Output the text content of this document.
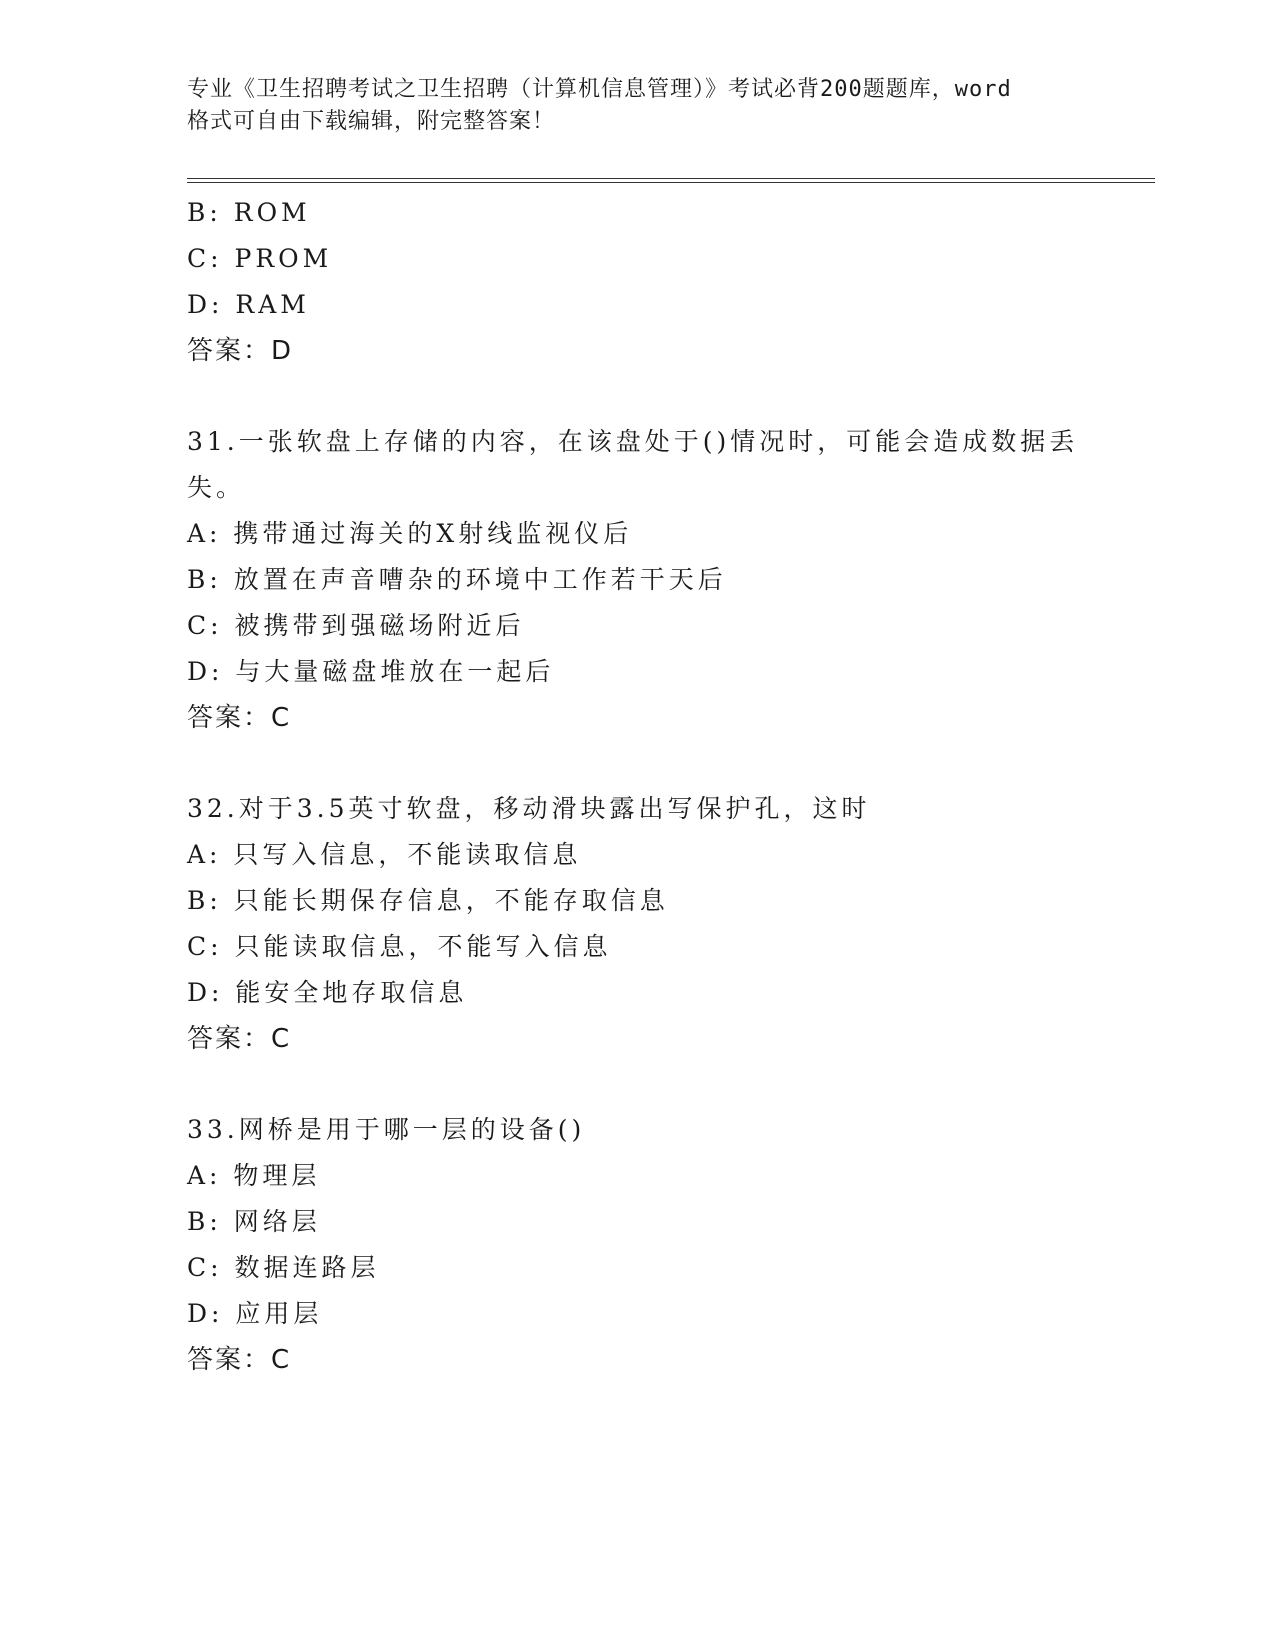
专业《卫生招聘考试之卫生招聘（计算机信息管理）》考试必背200题题库，word
格式可自由下载编辑，附完整答案！
B: ROM
C: PROM
D: RAM
答案：D
31.一张软盘上存储的内容，在该盘处于()情况时，可能会造成数据丢
失。
A: 携带通过海关的X射线监视仪后
B: 放置在声音嘈杂的环境中工作若干天后
C: 被携带到强磁场附近后
D: 与大量磁盘堆放在一起后
答案：C
32.对于3.5英寸软盘，移动滑块露出写保护孔，这时
A: 只写入信息，不能读取信息
B: 只能长期保存信息，不能存取信息
C: 只能读取信息，不能写入信息
D: 能安全地存取信息
答案：C
33.网桥是用于哪一层的设备()
A: 物理层
B: 网络层
C: 数据连路层
D: 应用层
答案：C
